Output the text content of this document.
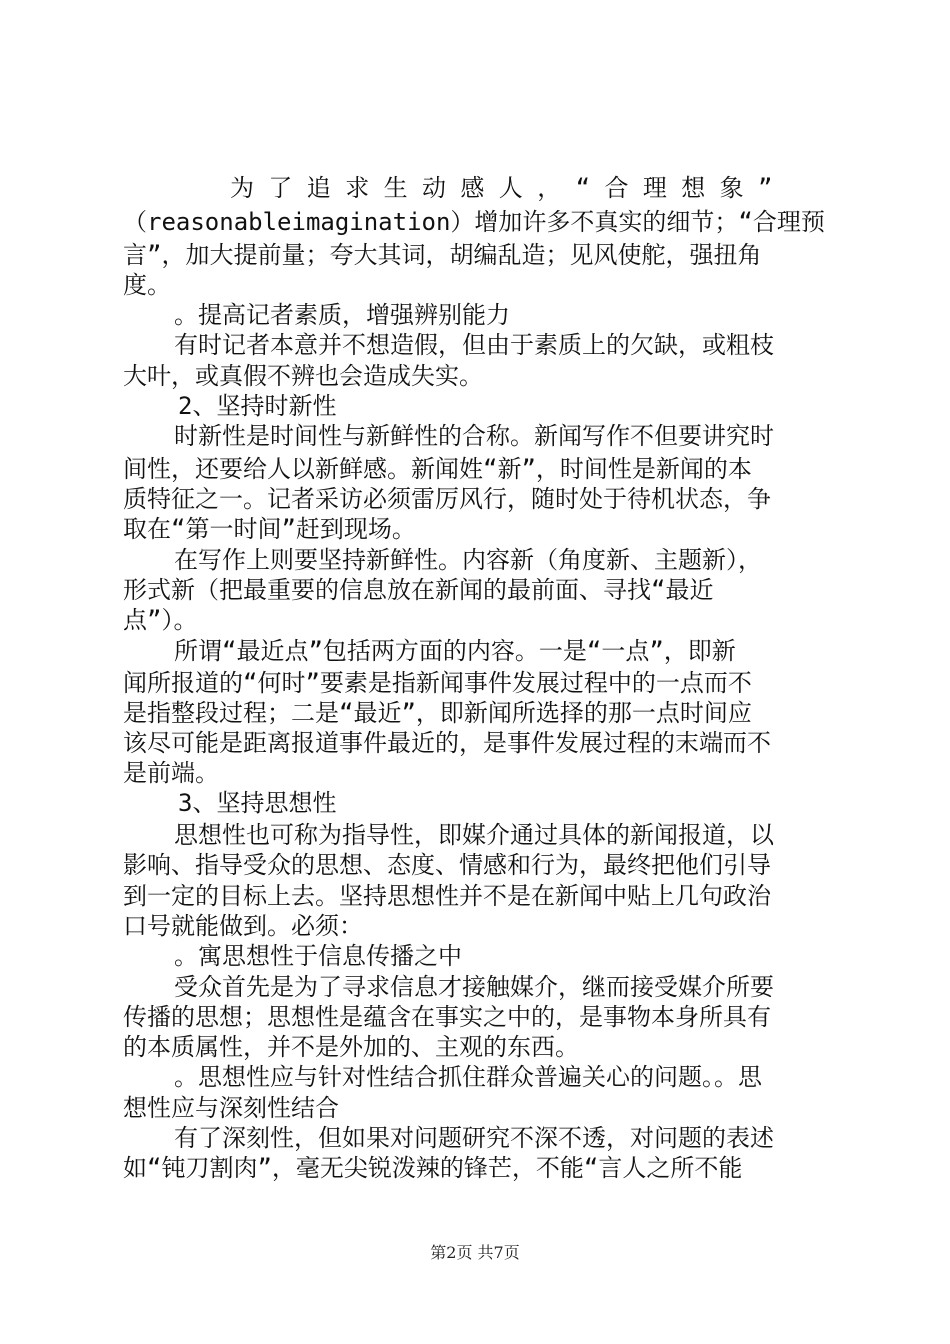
为了追求生动感人，“合理想象”
（reasonableimagination）增加许多不真实的细节；“合理预
言”，加大提前量；夸大其词，胡编乱造；见风使舵，强扭角
度。
。提高记者素质，增强辨别能力
有时记者本意并不想造假，但由于素质上的欠缺，或粗枝
大叶，或真假不辨也会造成失实。
2、坚持时新性
时新性是时间性与新鲜性的合称。新闻写作不但要讲究时
间性，还要给人以新鲜感。新闻姓“新”，时间性是新闻的本
质特征之一。记者采访必须雷厉风行，随时处于待机状态，争
取在“第一时间”赶到现场。
在写作上则要坚持新鲜性。内容新（角度新、主题新），
形式新（把最重要的信息放在新闻的最前面、寻找“最近
点”）。
所谓“最近点”包括两方面的内容。一是“一点”，即新
闻所报道的“何时”要素是指新闻事件发展过程中的一点而不
是指整段过程；二是“最近”，即新闻所选择的那一点时间应
该尽可能是距离报道事件最近的，是事件发展过程的末端而不
是前端。
3、坚持思想性
思想性也可称为指导性，即媒介通过具体的新闻报道，以
影响、指导受众的思想、态度、情感和行为，最终把他们引导
到一定的目标上去。坚持思想性并不是在新闻中贴上几句政治
口号就能做到。必须：
。寓思想性于信息传播之中
受众首先是为了寻求信息才接触媒介，继而接受媒介所要
传播的思想；思想性是蕴含在事实之中的，是事物本身所具有
的本质属性，并不是外加的、主观的东西。
。思想性应与针对性结合抓住群众普遍关心的问题。。思
想性应与深刻性结合
有了深刻性，但如果对问题研究不深不透，对问题的表述
如“钝刀割肉”，毫无尖锐泼辣的锋芒，不能“言人之所不能
第2页 共7页
